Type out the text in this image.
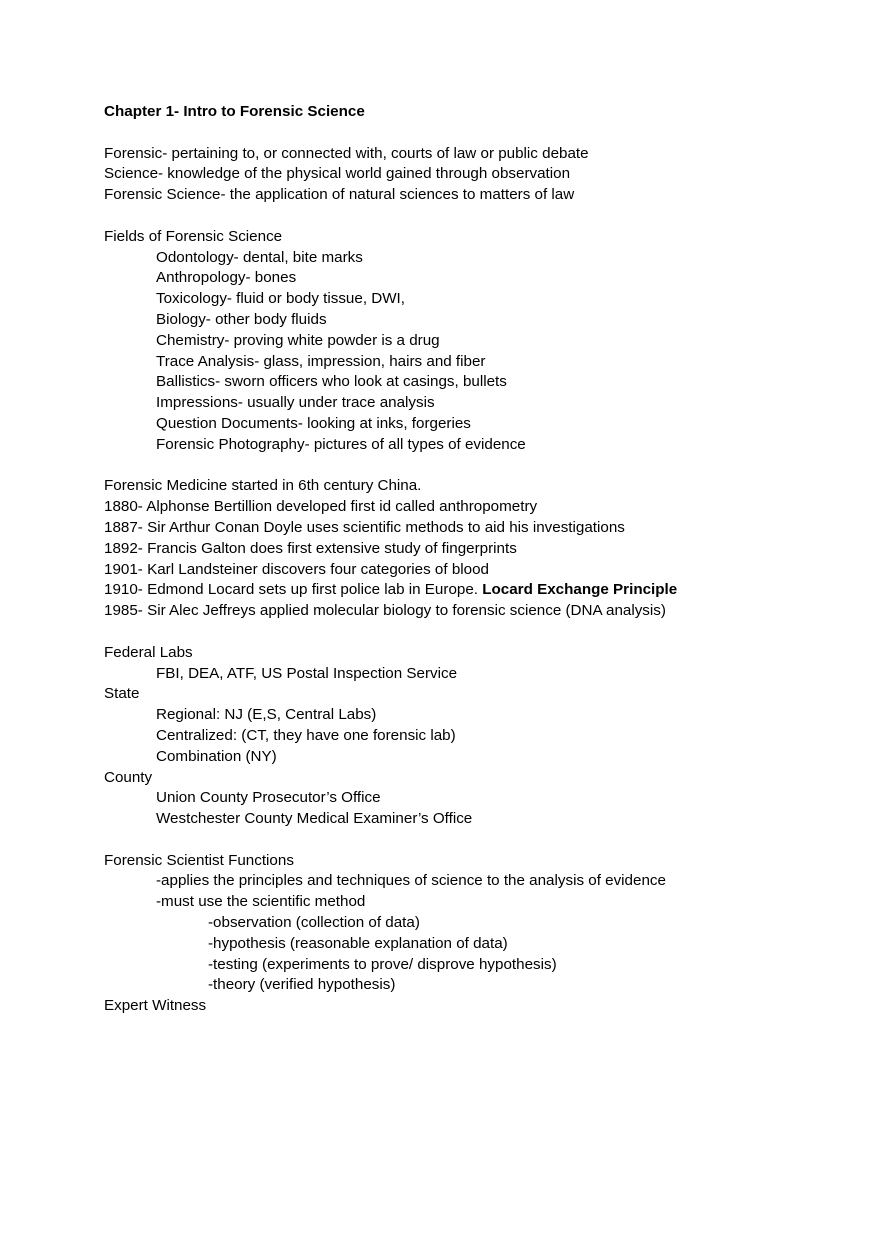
Chapter 1- Intro to Forensic Science
Forensic- pertaining to, or connected with, courts of law or public debate
Science- knowledge of the physical world gained through observation
Forensic Science- the application of natural sciences to matters of law
Fields of Forensic Science
Odontology- dental, bite marks
Anthropology- bones
Toxicology- fluid or body tissue, DWI,
Biology- other body fluids
Chemistry- proving white powder is a drug
Trace Analysis- glass, impression, hairs and fiber
Ballistics- sworn officers who look at casings, bullets
Impressions- usually under trace analysis
Question Documents- looking at inks, forgeries
Forensic Photography- pictures of all types of evidence
Forensic Medicine started in 6th century China.
1880- Alphonse Bertillion developed first id called anthropometry
1887- Sir Arthur Conan Doyle uses scientific methods to aid his investigations
1892- Francis Galton does first extensive study of fingerprints
1901- Karl Landsteiner discovers four categories of blood
1910- Edmond Locard sets up first police lab in Europe. Locard Exchange Principle
1985- Sir Alec Jeffreys applied molecular biology to forensic science (DNA analysis)
Federal Labs
FBI, DEA, ATF, US Postal Inspection Service
State
Regional: NJ (E,S, Central Labs)
Centralized: (CT, they have one forensic lab)
Combination (NY)
County
Union County Prosecutor’s Office
Westchester County Medical Examiner’s Office
Forensic Scientist Functions
-applies the principles and techniques of science to the analysis of evidence
-must use the scientific method
-observation (collection of data)
-hypothesis (reasonable explanation of data)
-testing (experiments to prove/ disprove hypothesis)
-theory (verified hypothesis)
Expert Witness
